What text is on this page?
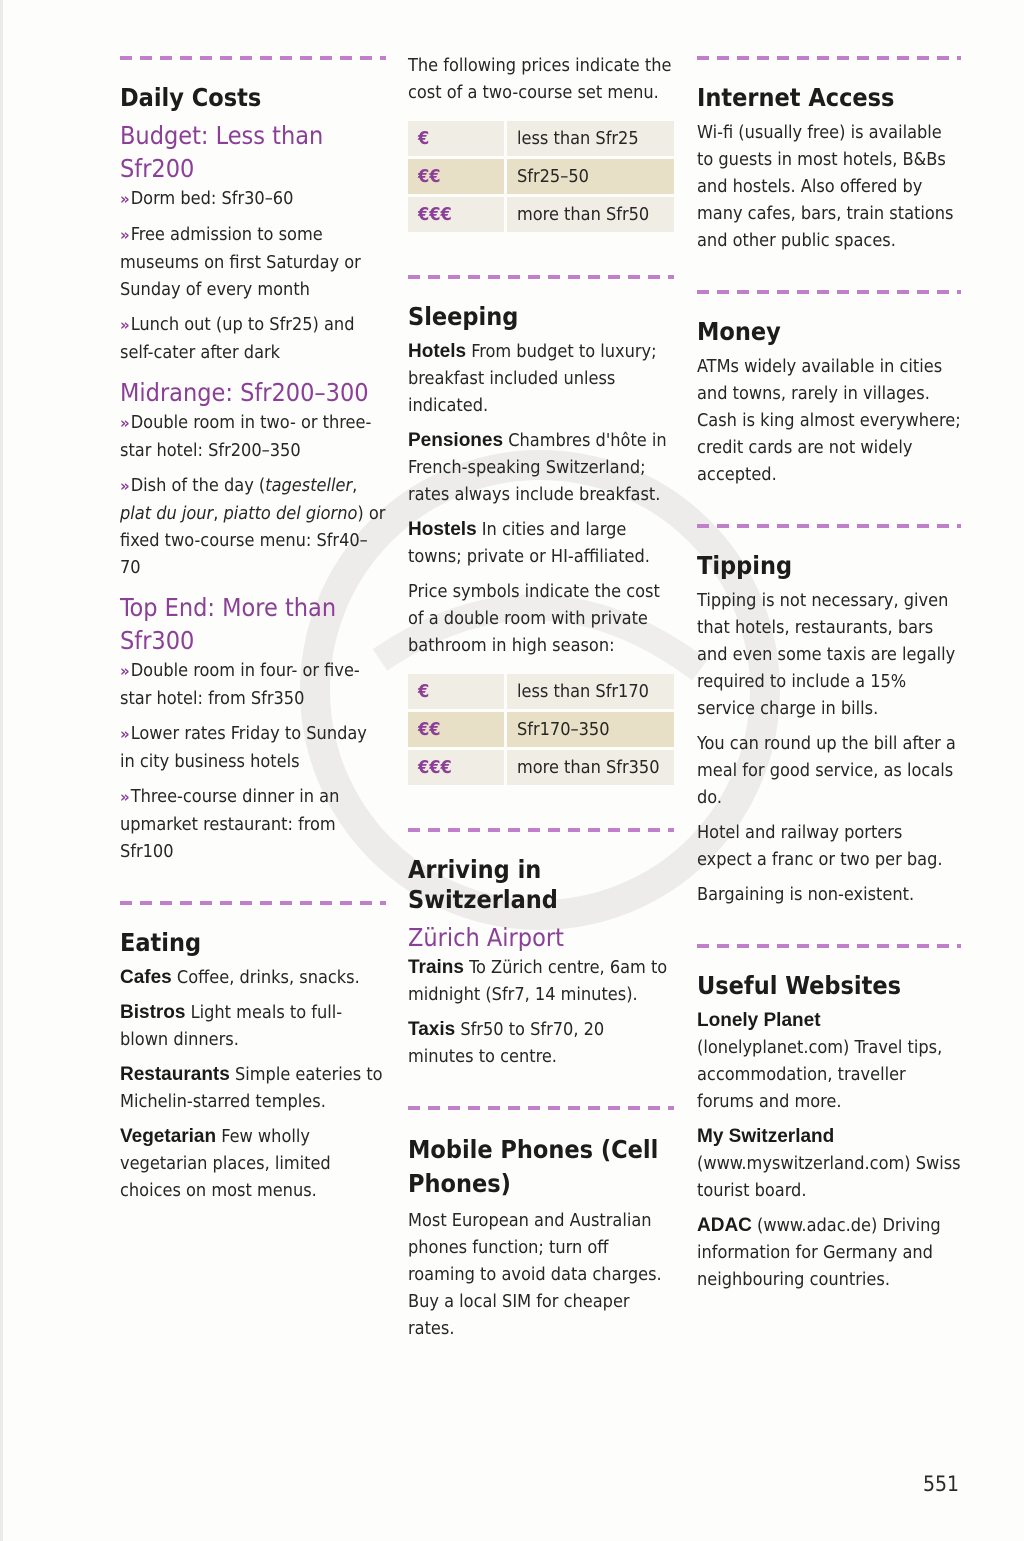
Daily Costs
Budget: Less than Sfr200

»Dorm bed: Sfr30–60

»Free admission to some museums on first Saturday or Sunday of every month

»Lunch out (up to Sfr25) and self-cater after dark

Midrange: Sfr200–300

»Double room in two- or three-star hotel: Sfr200–350

»Dish of the day (tagesteller, plat du jour, piatto del giorno) or fixed two-course menu: Sfr40–70

Top End: More than Sfr300

»Double room in four- or five-star hotel: from Sfr350

»Lower rates Friday to Sunday in city business hotels

»Three-course dinner in an upmarket restaurant: from Sfr100

Eating

Cafes Coffee, drinks, snacks.

Bistros Light meals to full-blown dinners.

Restaurants Simple eateries to Michelin-starred temples.

Vegetarian Few wholly vegetarian places, limited choices on most menus.

The following prices indicate the cost of a two-course set menu.

€	less than Sfr25
€€	Sfr25–50
€€€	more than Sfr50
Sleeping

Hotels From budget to luxury; breakfast included unless indicated.

Pensiones Chambres d'hôte in French-speaking Switzerland; rates always include breakfast.

Hostels In cities and large towns; private or HI-affiliated.

Price symbols indicate the cost of a double room with private bathroom in high season:

€	less than Sfr170
€€	Sfr170–350
€€€	more than Sfr350
Arriving in Switzerland
Zürich Airport

Trains To Zürich centre, 6am to midnight (Sfr7, 14 minutes).

Taxis Sfr50 to Sfr70, 20 minutes to centre.

Mobile Phones (Cell Phones)

Most European and Australian phones function; turn off roaming to avoid data charges. Buy a local SIM for cheaper rates.

Internet Access

Wi-fi (usually free) is available to guests in most hotels, B&Bs and hostels. Also offered by many cafes, bars, train stations and other public spaces.

Money

ATMs widely available in cities and towns, rarely in villages. Cash is king almost everywhere; credit cards are not widely accepted.

Tipping

Tipping is not necessary, given that hotels, restaurants, bars and even some taxis are legally required to include a 15% service charge in bills.

You can round up the bill after a meal for good service, as locals do.

Hotel and railway porters expect a franc or two per bag.

Bargaining is non-existent.

Useful Websites

Lonely Planet (lonelyplanet.com) Travel tips, accommodation, traveller forums and more.

My Switzerland (www.myswitzerland.com) Swiss tourist board.

ADAC (www.adac.de) Driving information for Germany and neighbouring countries.

551
